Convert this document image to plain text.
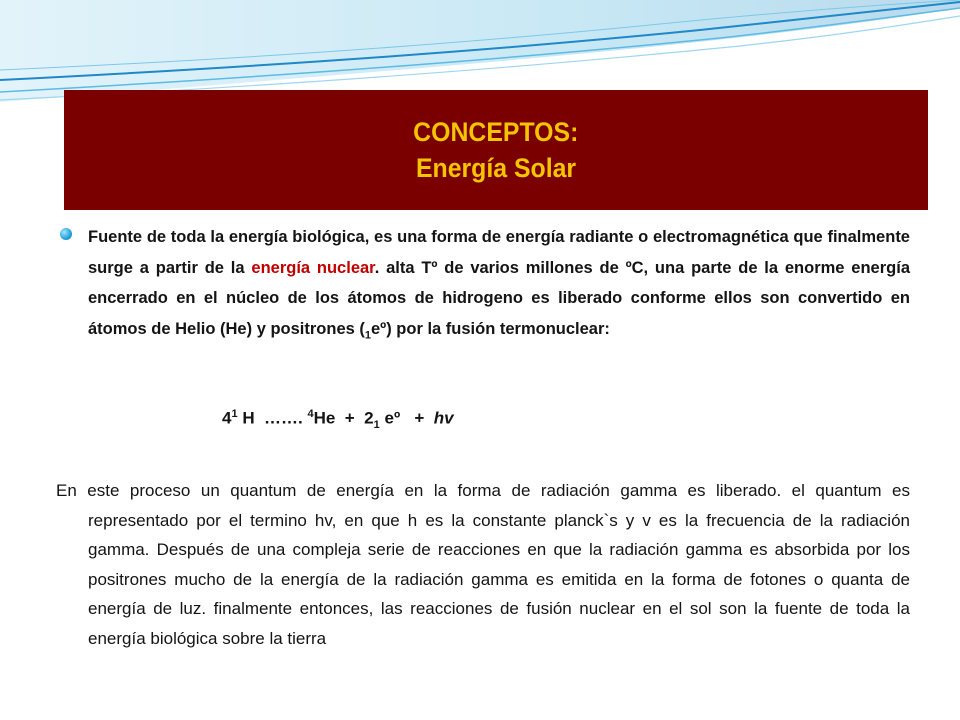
CONCEPTOS:
Energía Solar
Fuente de toda la energía biológica, es una forma de energía radiante o electromagnética que finalmente surge a partir de la energía nuclear. alta Tº de varios millones de ºC, una parte de la enorme energía encerrado en el núcleo de los átomos de hidrogeno es liberado conforme ellos son convertido en átomos de Helio (He) y positrones $(_1eº)$ por la fusión termonuclear:
$4^1$ H  ……. $^4He + 2_1$ eº   +  hv
En este proceso un quantum de energía en la forma de radiación gamma es liberado. el quantum es representado por el termino hv, en que h es la constante planck`s y v es la frecuencia de la radiación gamma. Después de una compleja serie de reacciones en que la radiación gamma es absorbida por los positrones mucho de la energía de la radiación gamma es emitida en la forma de fotones o quanta de energía de luz. finalmente entonces, las reacciones de fusión nuclear en el sol son la fuente de toda la energía biológica sobre la tierra
